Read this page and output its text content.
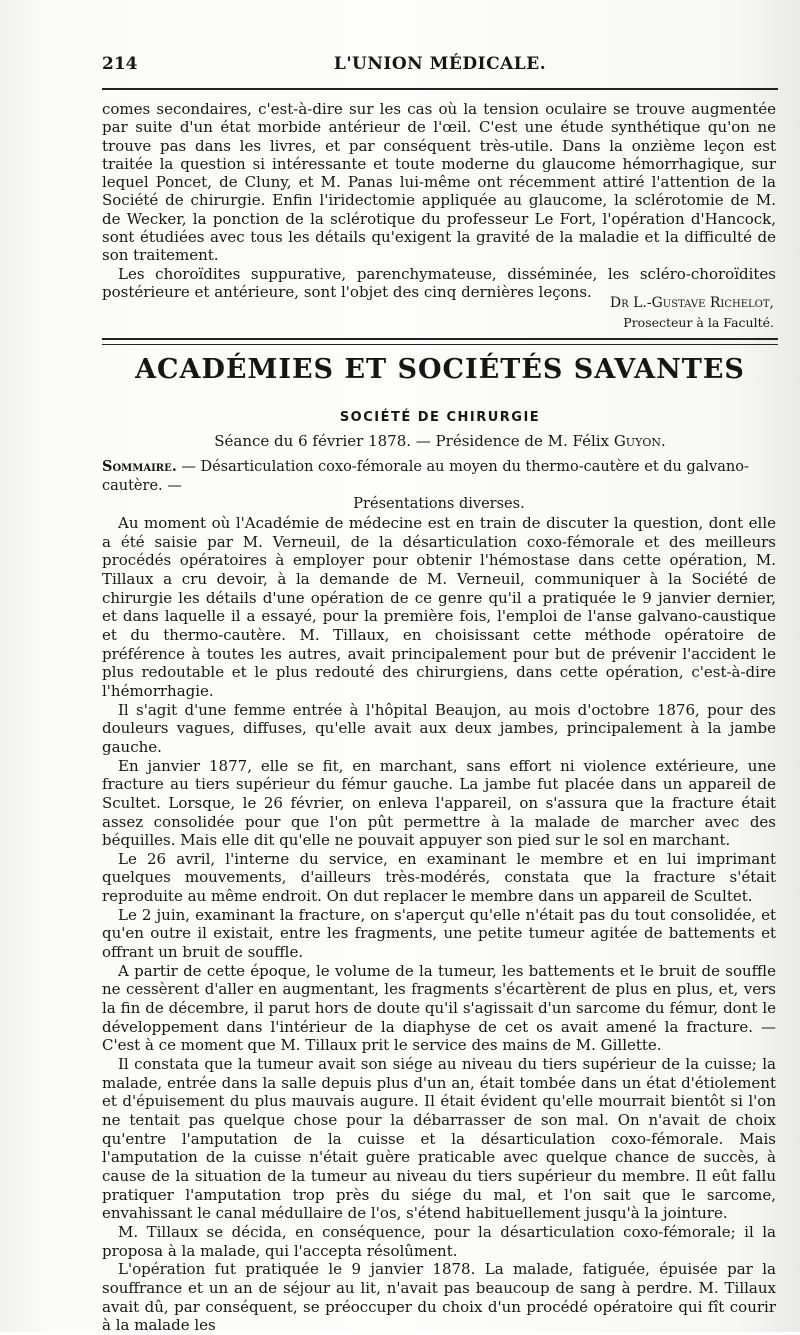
214	L'UNION MÉDICALE.

comes secondaires, c'est-à-dire sur les cas où la tension oculaire se trouve augmentée par suite d'un état morbide antérieur de l'œil. C'est une étude synthétique qu'on ne trouve pas dans les livres, et par conséquent très-utile. Dans la onzième leçon est traitée la question si intéressante et toute moderne du glaucome hémorrhagique, sur lequel Poncet, de Cluny, et M. Panas lui-même ont récemment attiré l'attention de la Société de chirurgie. Enfin l'iridectomie appliquée au glaucome, la sclérotomie de M. de Wecker, la ponction de la sclérotique du professeur Le Fort, l'opération d'Hancock, sont étudiées avec tous les détails qu'exigent la gravité de la maladie et la difficulté de son traitement.

Les choroïdites suppurative, parenchymateuse, disséminée, les scléro-choroïdites postérieure et antérieure, sont l'objet des cinq dernières leçons.

Dr L.-Gustave Richelot,
Prosecteur à la Faculté.
ACADÉMIES ET SOCIÉTÉS SAVANTES
SOCIÉTÉ DE CHIRURGIE
Séance du 6 février 1878. — Présidence de M. Félix Guyon.
Sommaire. — Désarticulation coxo-fémorale au moyen du thermo-cautère et du galvano-cautère. —
Présentations diverses.

Au moment où l'Académie de médecine est en train de discuter la question, dont elle a été saisie par M. Verneuil, de la désarticulation coxo-fémorale et des meilleurs procédés opératoires à employer pour obtenir l'hémostase dans cette opération, M. Tillaux a cru devoir, à la demande de M. Verneuil, communiquer à la Société de chirurgie les détails d'une opération de ce genre qu'il a pratiquée le 9 janvier dernier, et dans laquelle il a essayé, pour la première fois, l'emploi de l'anse galvano-caustique et du thermo-cautère. M. Tillaux, en choisissant cette méthode opératoire de préférence à toutes les autres, avait principalement pour but de prévenir l'accident le plus redoutable et le plus redouté des chirurgiens, dans cette opération, c'est-à-dire l'hémorrhagie.

Il s'agit d'une femme entrée à l'hôpital Beaujon, au mois d'octobre 1876, pour des douleurs vagues, diffuses, qu'elle avait aux deux jambes, principalement à la jambe gauche.

En janvier 1877, elle se fit, en marchant, sans effort ni violence extérieure, une fracture au tiers supérieur du fémur gauche. La jambe fut placée dans un appareil de Scultet. Lorsque, le 26 février, on enleva l'appareil, on s'assura que la fracture était assez consolidée pour que l'on pût permettre à la malade de marcher avec des béquilles. Mais elle dit qu'elle ne pouvait appuyer son pied sur le sol en marchant.

Le 26 avril, l'interne du service, en examinant le membre et en lui imprimant quelques mouvements, d'ailleurs très-modérés, constata que la fracture s'était reproduite au même endroit. On dut replacer le membre dans un appareil de Scultet.

Le 2 juin, examinant la fracture, on s'aperçut qu'elle n'était pas du tout consolidée, et qu'en outre il existait, entre les fragments, une petite tumeur agitée de battements et offrant un bruit de souffle.

A partir de cette époque, le volume de la tumeur, les battements et le bruit de souffle ne cessèrent d'aller en augmentant, les fragments s'écartèrent de plus en plus, et, vers la fin de décembre, il parut hors de doute qu'il s'agissait d'un sarcome du fémur, dont le développement dans l'intérieur de la diaphyse de cet os avait amené la fracture. — C'est à ce moment que M. Tillaux prit le service des mains de M. Gillette.

Il constata que la tumeur avait son siége au niveau du tiers supérieur de la cuisse; la malade, entrée dans la salle depuis plus d'un an, était tombée dans un état d'étiolement et d'épuisement du plus mauvais augure. Il était évident qu'elle mourrait bientôt si l'on ne tentait pas quelque chose pour la débarrasser de son mal. On n'avait de choix qu'entre l'amputation de la cuisse et la désarticulation coxo-fémorale. Mais l'amputation de la cuisse n'était guère praticable avec quelque chance de succès, à cause de la situation de la tumeur au niveau du tiers supérieur du membre. Il eût fallu pratiquer l'amputation trop près du siége du mal, et l'on sait que le sarcome, envahissant le canal médullaire de l'os, s'étend habituellement jusqu'à la jointure.

M. Tillaux se décida, en conséquence, pour la désarticulation coxo-fémorale; il la proposa à la malade, qui l'accepta résolûment.

L'opération fut pratiquée le 9 janvier 1878. La malade, fatiguée, épuisée par la souffrance et un an de séjour au lit, n'avait pas beaucoup de sang à perdre. M. Tillaux avait dû, par conséquent, se préoccuper du choix d'un procédé opératoire qui fît courir à la malade les
